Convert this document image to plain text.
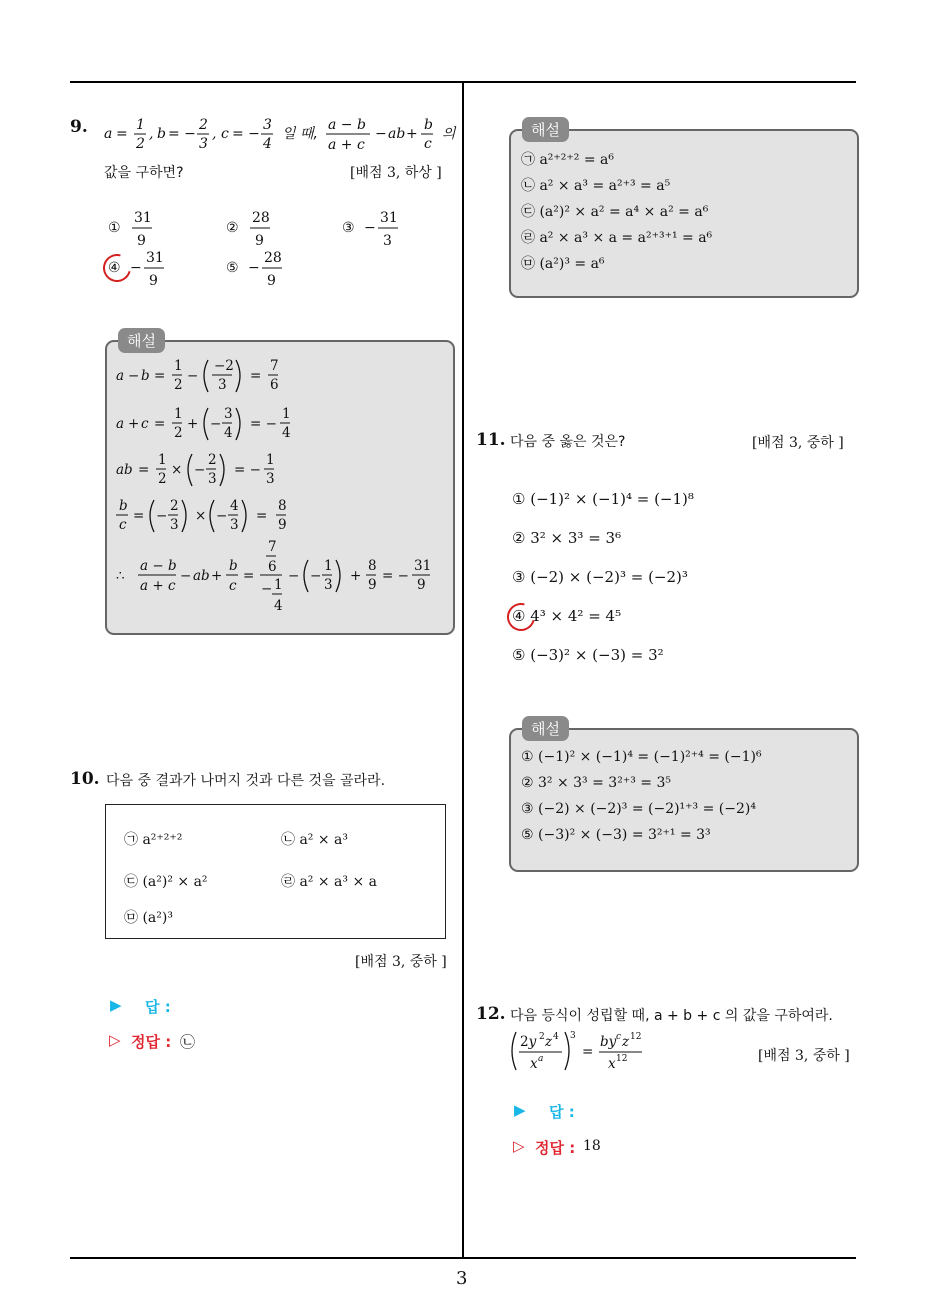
3
9. a =
1
2
, b = −
2
3
, c = −
3
4
일 때,
a − b
a + c
− ab +
b
c
의
값을 구하면?	[배점 3, 하상 ]
①
31
9
②
28
9
③ −
31
3
④ −
31
9
⑤ −
28
9
해설
a − b =
1
2
−
−2
3
=
7
6
a + c =
1
2
+ −
3
4
= −
1
4
ab =
1
2
× −
2
3
= −
1
3
b
c
= −
2
3
× −
4
3
=
8
9
∴
a − b
a + c
− ab +
b
c
=
7
6
− 1
4
− −
1
3
+
8
9
= −
31
9
10. 다음 중 결과가 나머지 것과 다른 것을 골라라.
㉠ a²⁺²⁺²	㉡ a² × a³
㉢ (a²)² × a²	㉣ a² × a³ × a
㉤ (a²)³
[배점 3, 중하 ]
▶ 답 :
▷ 정답 : ㉡
해설
㉠ a²⁺²⁺² = a⁶
㉡ a² × a³ = a²⁺³ = a⁵
㉢ (a²)² × a² = a⁴ × a² = a⁶
㉣ a² × a³ × a = a²⁺³⁺¹ = a⁶
㉤ (a²)³ = a⁶
11. 다음 중 옳은 것은?	[배점 3, 중하 ]
① (−1)² × (−1)⁴ = (−1)⁸
② 3² × 3³ = 3⁶
③ (−2) × (−2)³ = (−2)³
④ 4³ × 4² = 4⁵
⑤ (−3)² × (−3) = 3²
해설
① (−1)² × (−1)⁴ = (−1)²⁺⁴ = (−1)⁶
② 3² × 3³ = 3²⁺³ = 3⁵
③ (−2) × (−2)³ = (−2)¹⁺³ = (−2)⁴
⑤ (−3)² × (−3) = 3²⁺¹ = 3³
12. 다음 등식이 성립할 때, a + b + c 의 값을 구하여라.
2y 2 z 4
x a
3
=
by c z 12
x 12	[배점 3, 중하 ]
▶ 답 :
▷ 정답 : 18
